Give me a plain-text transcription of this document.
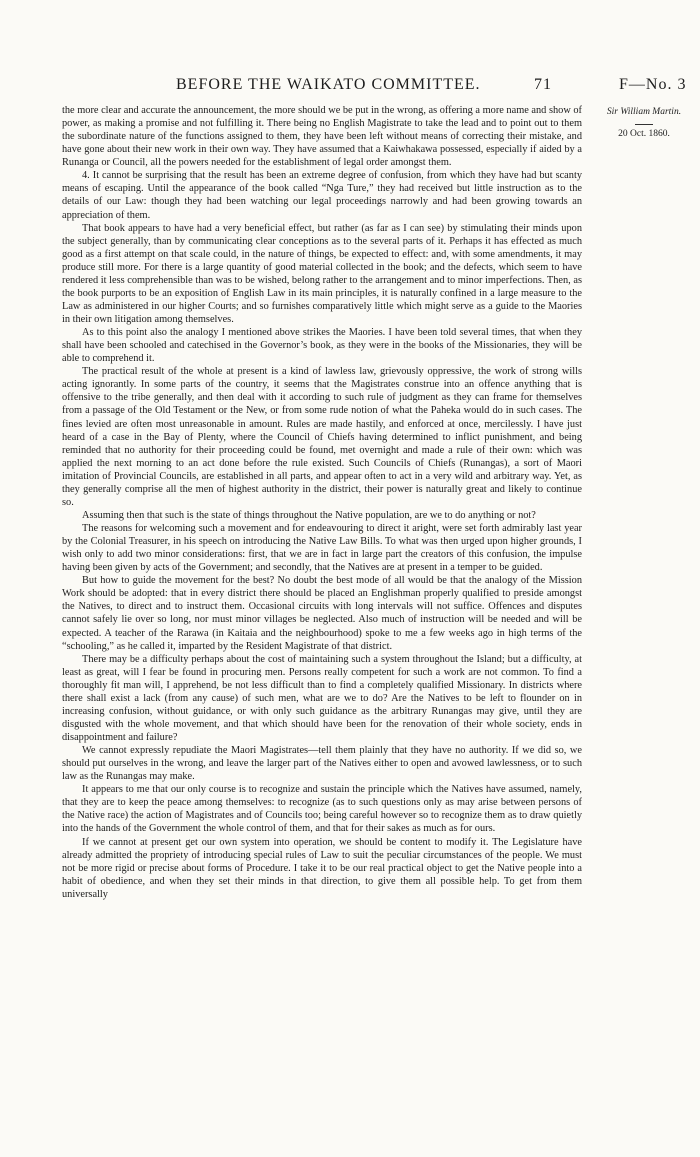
BEFORE THE WAIKATO COMMITTEE.	71	F—No. 3
Sir William Martin.
20 Oct. 1860.

the more clear and accurate the announcement, the more should we be put in the wrong, as offering a more name and show of power, as making a promise and not fulfilling it. There being no English Magistrate to take the lead and to point out to them the subordinate nature of the functions assigned to them, they have been left without means of correcting their mistake, and have gone about their new work in their own way. They have assumed that a Kaiwhakawa possessed, especially if aided by a Runanga or Council, all the powers needed for the establishment of legal order amongst them.

4. It cannot be surprising that the result has been an extreme degree of confusion, from which they have had but scanty means of escaping. Until the appearance of the book called “Nga Ture,” they had received but little instruction as to the details of our Law: though they had been watching our legal proceedings narrowly and had been growing towards an appreciation of them.

That book appears to have had a very beneficial effect, but rather (as far as I can see) by stimulating their minds upon the subject generally, than by communicating clear conceptions as to the several parts of it. Perhaps it has effected as much good as a first attempt on that scale could, in the nature of things, be expected to effect: and, with some amendments, it may produce still more. For there is a large quantity of good material collected in the book; and the defects, which seem to have rendered it less comprehensible than was to be wished, belong rather to the arrangement and to minor imperfections. Then, as the book purports to be an exposition of English Law in its main principles, it is naturally confined in a large measure to the Law as administered in our higher Courts; and so furnishes comparatively little which might serve as a guide to the Maories in their own litigation among themselves.

As to this point also the analogy I mentioned above strikes the Maories. I have been told several times, that when they shall have been schooled and catechised in the Governor’s book, as they were in the books of the Missionaries, they will be able to comprehend it.

The practical result of the whole at present is a kind of lawless law, grievously oppressive, the work of strong wills acting ignorantly. In some parts of the country, it seems that the Magistrates construe into an offence anything that is offensive to the tribe generally, and then deal with it according to such rule of judgment as they can frame for themselves from a passage of the Old Testament or the New, or from some rude notion of what the Paheka would do in such cases. The fines levied are often most unreasonable in amount. Rules are made hastily, and enforced at once, mercilessly. I have just heard of a case in the Bay of Plenty, where the Council of Chiefs having determined to inflict punishment, and being reminded that no authority for their proceeding could be found, met overnight and made a rule of their own: which was applied the next morning to an act done before the rule existed. Such Councils of Chiefs (Runangas), a sort of Maori imitation of Provincial Councils, are established in all parts, and appear often to act in a very wild and arbitrary way. Yet, as they generally comprise all the men of highest authority in the district, their power is naturally great and likely to continue so.

Assuming then that such is the state of things throughout the Native population, are we to do anything or not?

The reasons for welcoming such a movement and for endeavouring to direct it aright, were set forth admirably last year by the Colonial Treasurer, in his speech on introducing the Native Law Bills. To what was then urged upon higher grounds, I wish only to add two minor considerations: first, that we are in fact in large part the creators of this confusion, the impulse having been given by acts of the Government; and secondly, that the Natives are at present in a temper to be guided.

But how to guide the movement for the best? No doubt the best mode of all would be that the analogy of the Mission Work should be adopted: that in every district there should be placed an Englishman properly qualified to preside amongst the Natives, to direct and to instruct them. Occasional circuits with long intervals will not suffice. Offences and disputes cannot safely lie over so long, nor must minor villages be neglected. Also much of instruction will be needed and will be expected. A teacher of the Rarawa (in Kaitaia and the neighbourhood) spoke to me a few weeks ago in high terms of the “schooling,” as he called it, imparted by the Resident Magistrate of that district.

There may be a difficulty perhaps about the cost of maintaining such a system throughout the Island; but a difficulty, at least as great, will I fear be found in procuring men. Persons really competent for such a work are not common. To find a thoroughly fit man will, I apprehend, be not less difficult than to find a completely qualified Missionary. In districts where there shall exist a lack (from any cause) of such men, what are we to do? Are the Natives to be left to flounder on in increasing confusion, without guidance, or with only such guidance as the arbitrary Runangas may give, until they are disgusted with the whole movement, and that which should have been for the renovation of their whole society, ends in disappointment and failure?

We cannot expressly repudiate the Maori Magistrates—tell them plainly that they have no authority. If we did so, we should put ourselves in the wrong, and leave the larger part of the Natives either to open and avowed lawlessness, or to such law as the Runangas may make.

It appears to me that our only course is to recognize and sustain the principle which the Natives have assumed, namely, that they are to keep the peace among themselves: to recognize (as to such questions only as may arise between persons of the Native race) the action of Magistrates and of Councils too; being careful however so to recognize them as to draw quietly into the hands of the Government the whole control of them, and that for their sakes as much as for ours.

If we cannot at present get our own system into operation, we should be content to modify it. The Legislature have already admitted the propriety of introducing special rules of Law to suit the peculiar circumstances of the people. We must not be more rigid or precise about forms of Procedure. I take it to be our real practical object to get the Native people into a habit of obedience, and when they set their minds in that direction, to give them all possible help. To get from them universally
